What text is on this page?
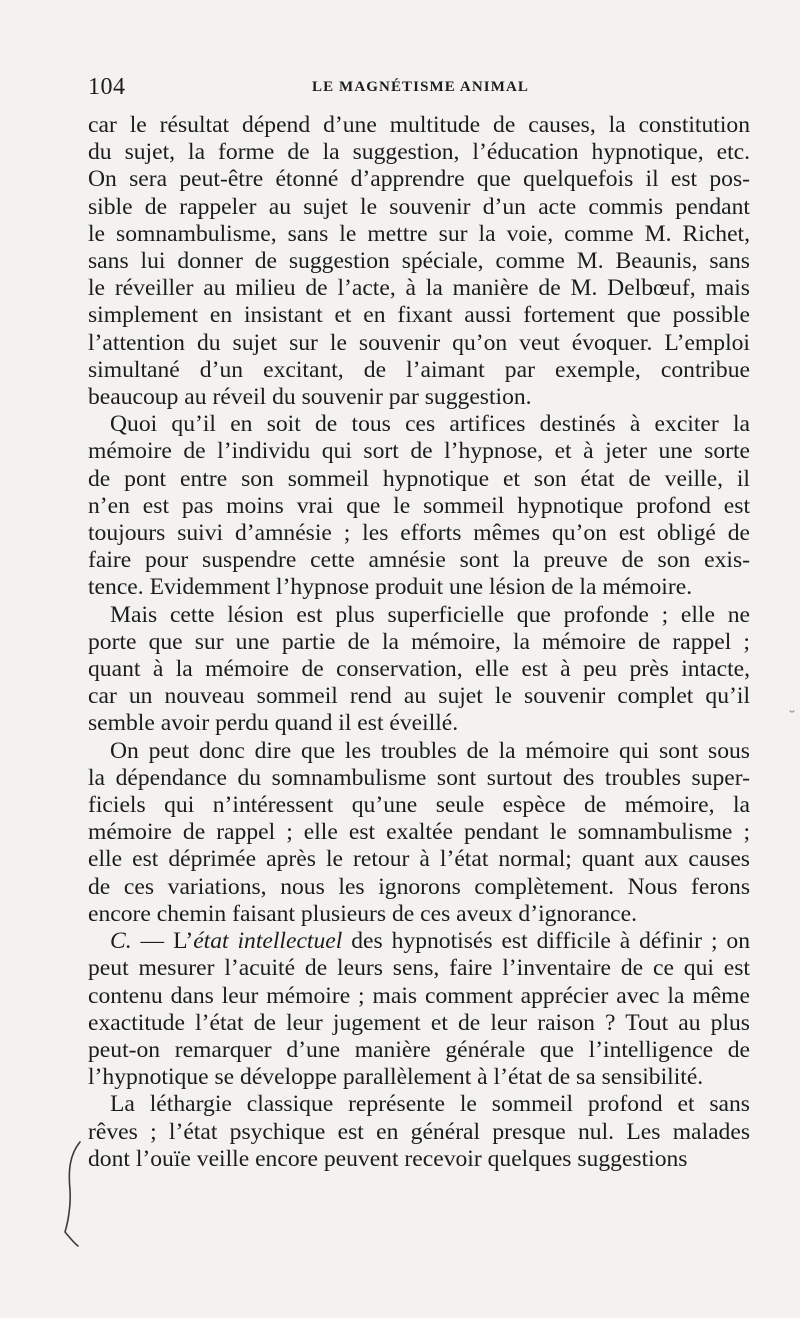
104	LE MAGNÉTISME ANIMAL

car le résultat dépend d’une multitude de causes, la constitution
du sujet, la forme de la suggestion, l’éducation hypnotique, etc.
On sera peut-être étonné d’apprendre que quelquefois il est pos-
sible de rappeler au sujet le souvenir d’un acte commis pendant
le somnambulisme, sans le mettre sur la voie, comme M. Richet,
sans lui donner de suggestion spéciale, comme M. Beaunis, sans
le réveiller au milieu de l’acte, à la manière de M. Delbœuf, mais
simplement en insistant et en fixant aussi fortement que possible
l’attention du sujet sur le souvenir qu’on veut évoquer. L’emploi
simultané d’un excitant, de l’aimant par exemple, contribue
beaucoup au réveil du souvenir par suggestion.

Quoi qu’il en soit de tous ces artifices destinés à exciter la
mémoire de l’individu qui sort de l’hypnose, et à jeter une sorte
de pont entre son sommeil hypnotique et son état de veille, il
n’en est pas moins vrai que le sommeil hypnotique profond est
toujours suivi d’amnésie ; les efforts mêmes qu’on est obligé de
faire pour suspendre cette amnésie sont la preuve de son exis-
tence. Evidemment l’hypnose produit une lésion de la mémoire.

Mais cette lésion est plus superficielle que profonde ; elle ne
porte que sur une partie de la mémoire, la mémoire de rappel ;
quant à la mémoire de conservation, elle est à peu près intacte,
car un nouveau sommeil rend au sujet le souvenir complet qu’il
semble avoir perdu quand il est éveillé.

On peut donc dire que les troubles de la mémoire qui sont sous
la dépendance du somnambulisme sont surtout des troubles super-
ficiels qui n’intéressent qu’une seule espèce de mémoire, la
mémoire de rappel ; elle est exaltée pendant le somnambulisme ;
elle est déprimée après le retour à l’état normal; quant aux causes
de ces variations, nous les ignorons complètement. Nous ferons
encore chemin faisant plusieurs de ces aveux d’ignorance.

C. — L’état intellectuel des hypnotisés est difficile à définir ; on
peut mesurer l’acuité de leurs sens, faire l’inventaire de ce qui est
contenu dans leur mémoire ; mais comment apprécier avec la même
exactitude l’état de leur jugement et de leur raison ? Tout au plus
peut-on remarquer d’une manière générale que l’intelligence de
l’hypnotique se développe parallèlement à l’état de sa sensibilité.

La léthargie classique représente le sommeil profond et sans
rêves ; l’état psychique est en général presque nul. Les malades
dont l’ouïe veille encore peuvent recevoir quelques suggestions

˘
